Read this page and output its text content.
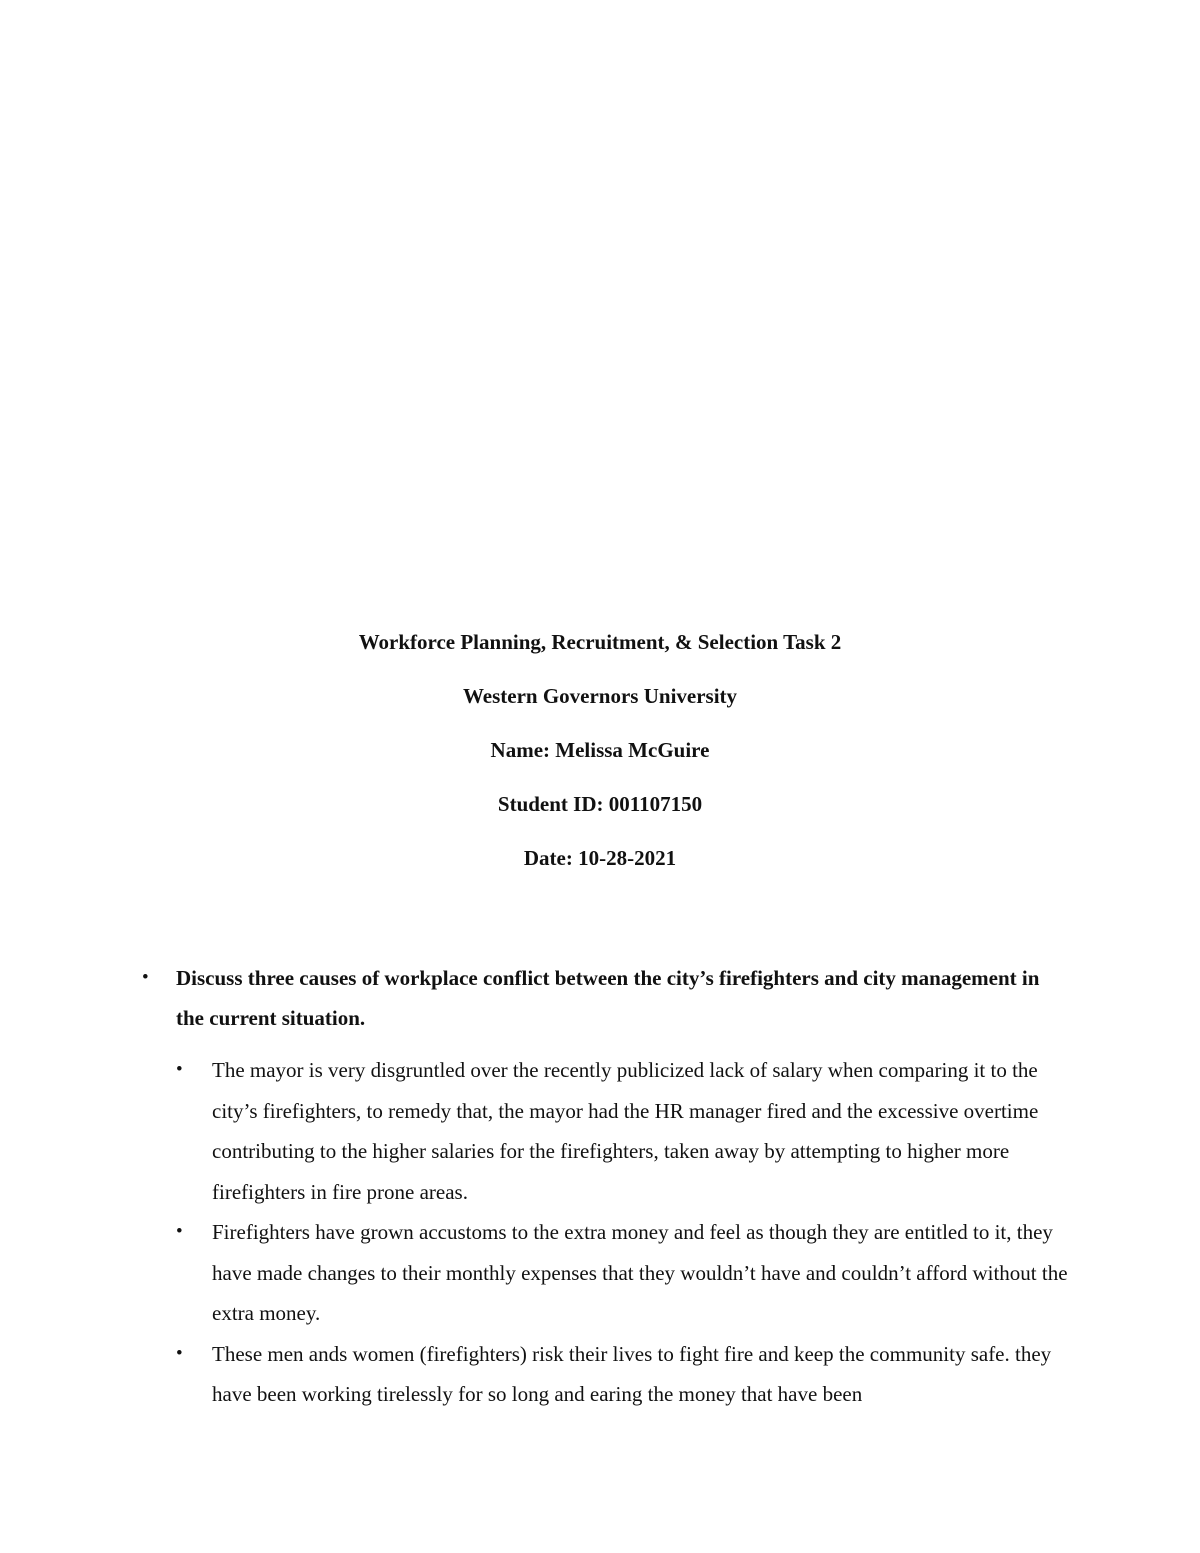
Workforce Planning, Recruitment, & Selection Task 2
Western Governors University
Name: Melissa McGuire
Student ID: 001107150
Date: 10-28-2021
• Discuss three causes of workplace conflict between the city’s firefighters and city management in the current situation.
• The mayor is very disgruntled over the recently publicized lack of salary when comparing it to the city’s firefighters, to remedy that, the mayor had the HR manager fired and the excessive overtime contributing to the higher salaries for the firefighters, taken away by attempting to higher more firefighters in fire prone areas.
• Firefighters have grown accustoms to the extra money and feel as though they are entitled to it, they have made changes to their monthly expenses that they wouldn’t have and couldn’t afford without the extra money.
• These men ands women (firefighters) risk their lives to fight fire and keep the community safe. they have been working tirelessly for so long and earing the money that have been
